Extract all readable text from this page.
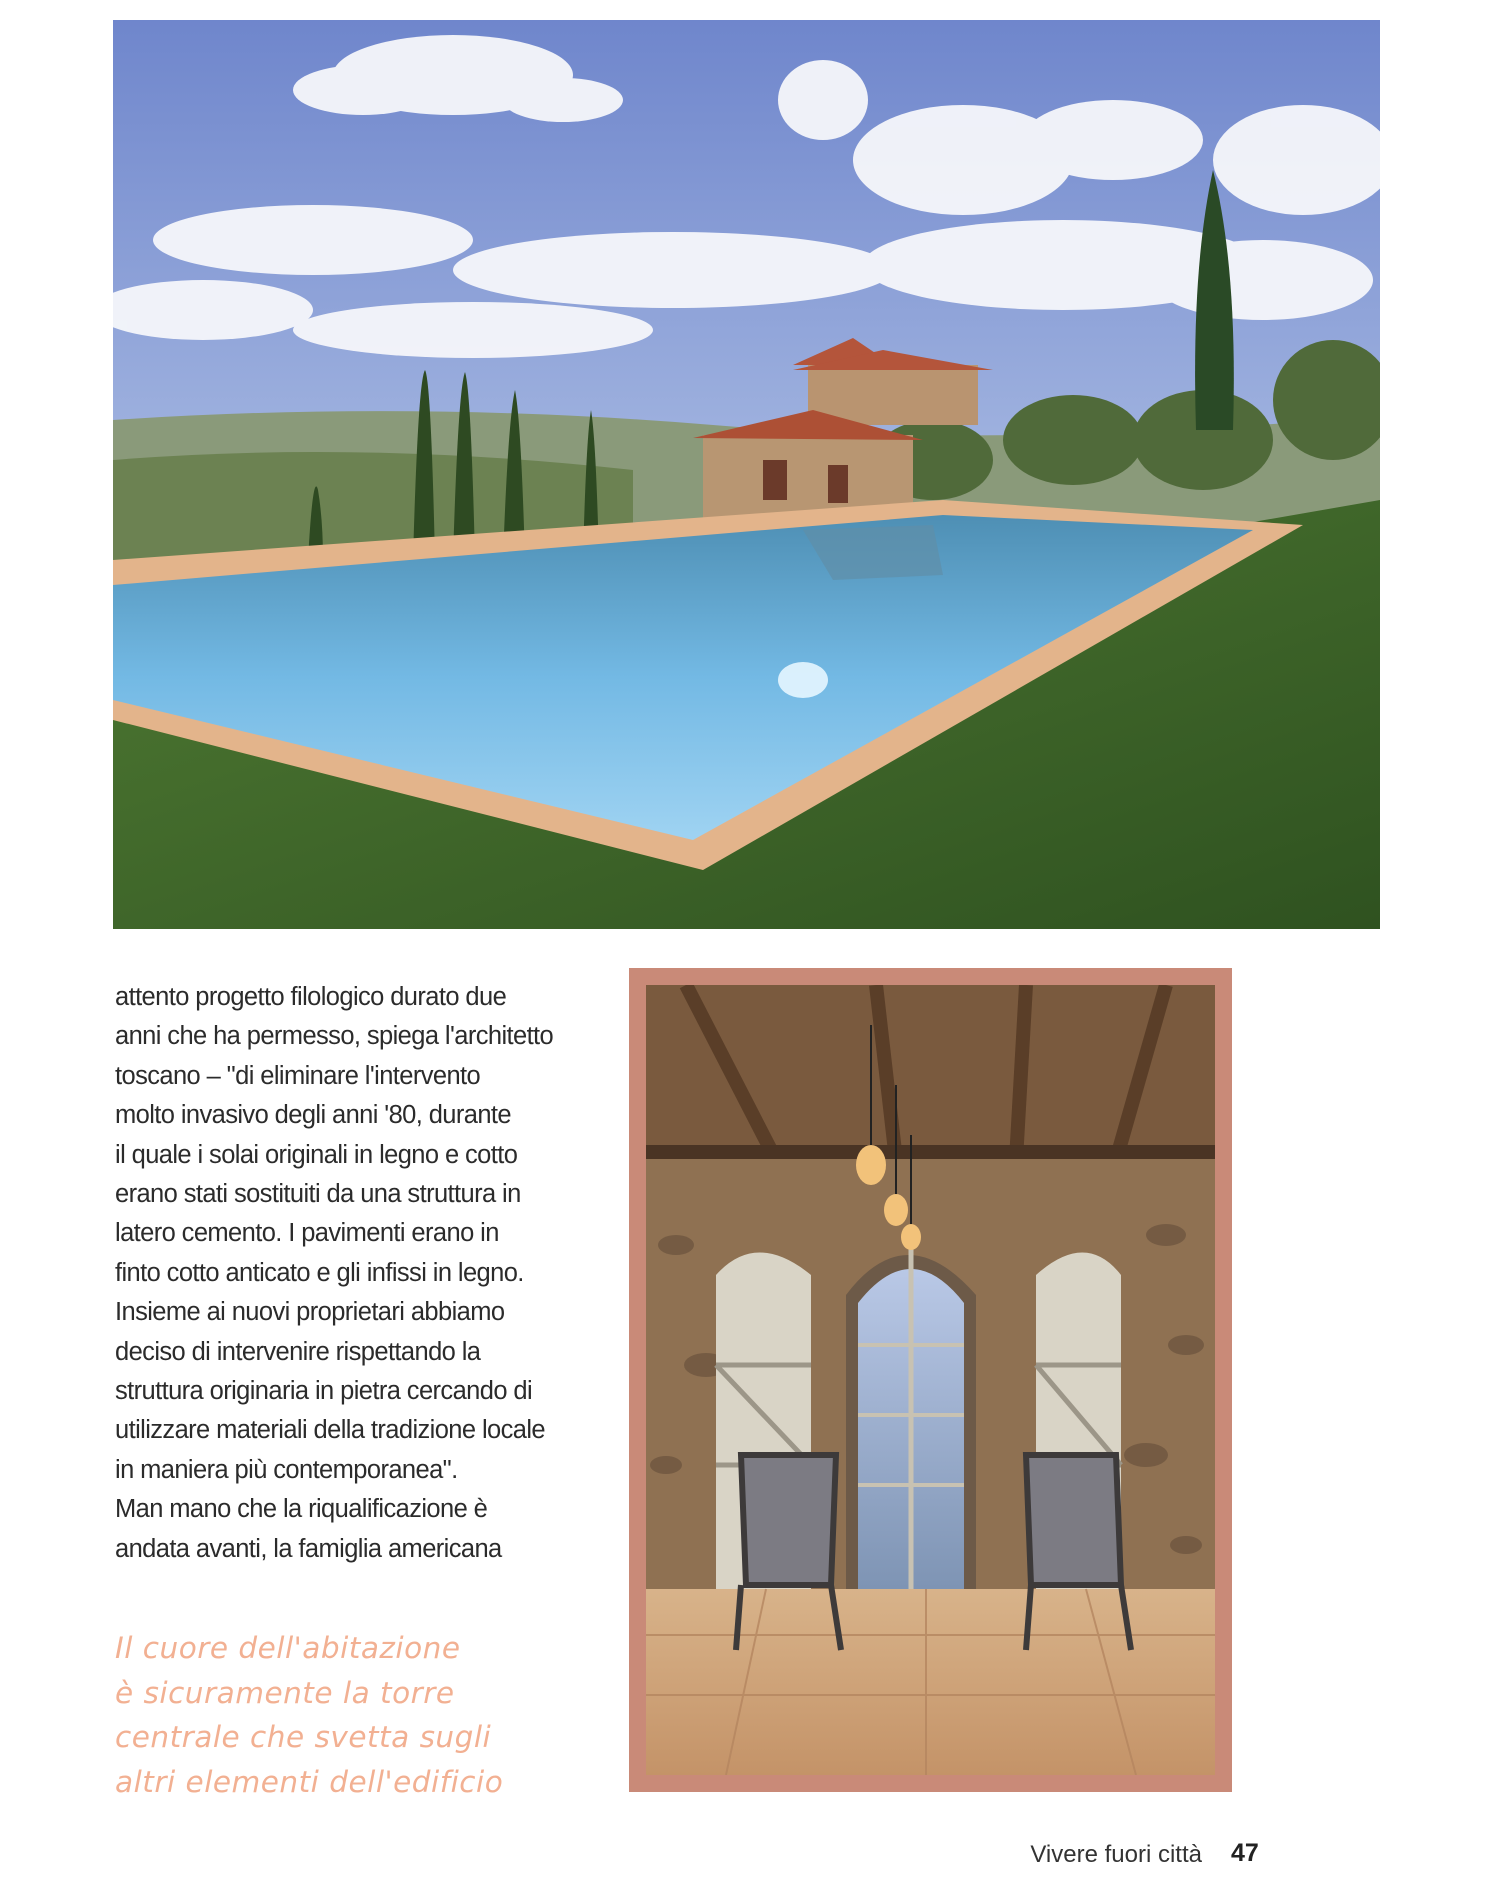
attento progetto filologico durato due
anni che ha permesso, spiega l'architetto
toscano – "di eliminare l'intervento
molto invasivo degli anni '80, durante
il quale i solai originali in legno e cotto
erano stati sostituiti da una struttura in
latero cemento. I pavimenti erano in
finto cotto anticato e gli infissi in legno.
Insieme ai nuovi proprietari abbiamo
deciso di intervenire rispettando la
struttura originaria in pietra cercando di
utilizzare materiali della tradizione locale
in maniera più contemporanea".
Man mano che la riqualificazione è
andata avanti, la famiglia americana
Il cuore dell'abitazione
è sicuramente la torre
centrale che svetta sugli
altri elementi dell'edificio
Vivere fuori città 47
